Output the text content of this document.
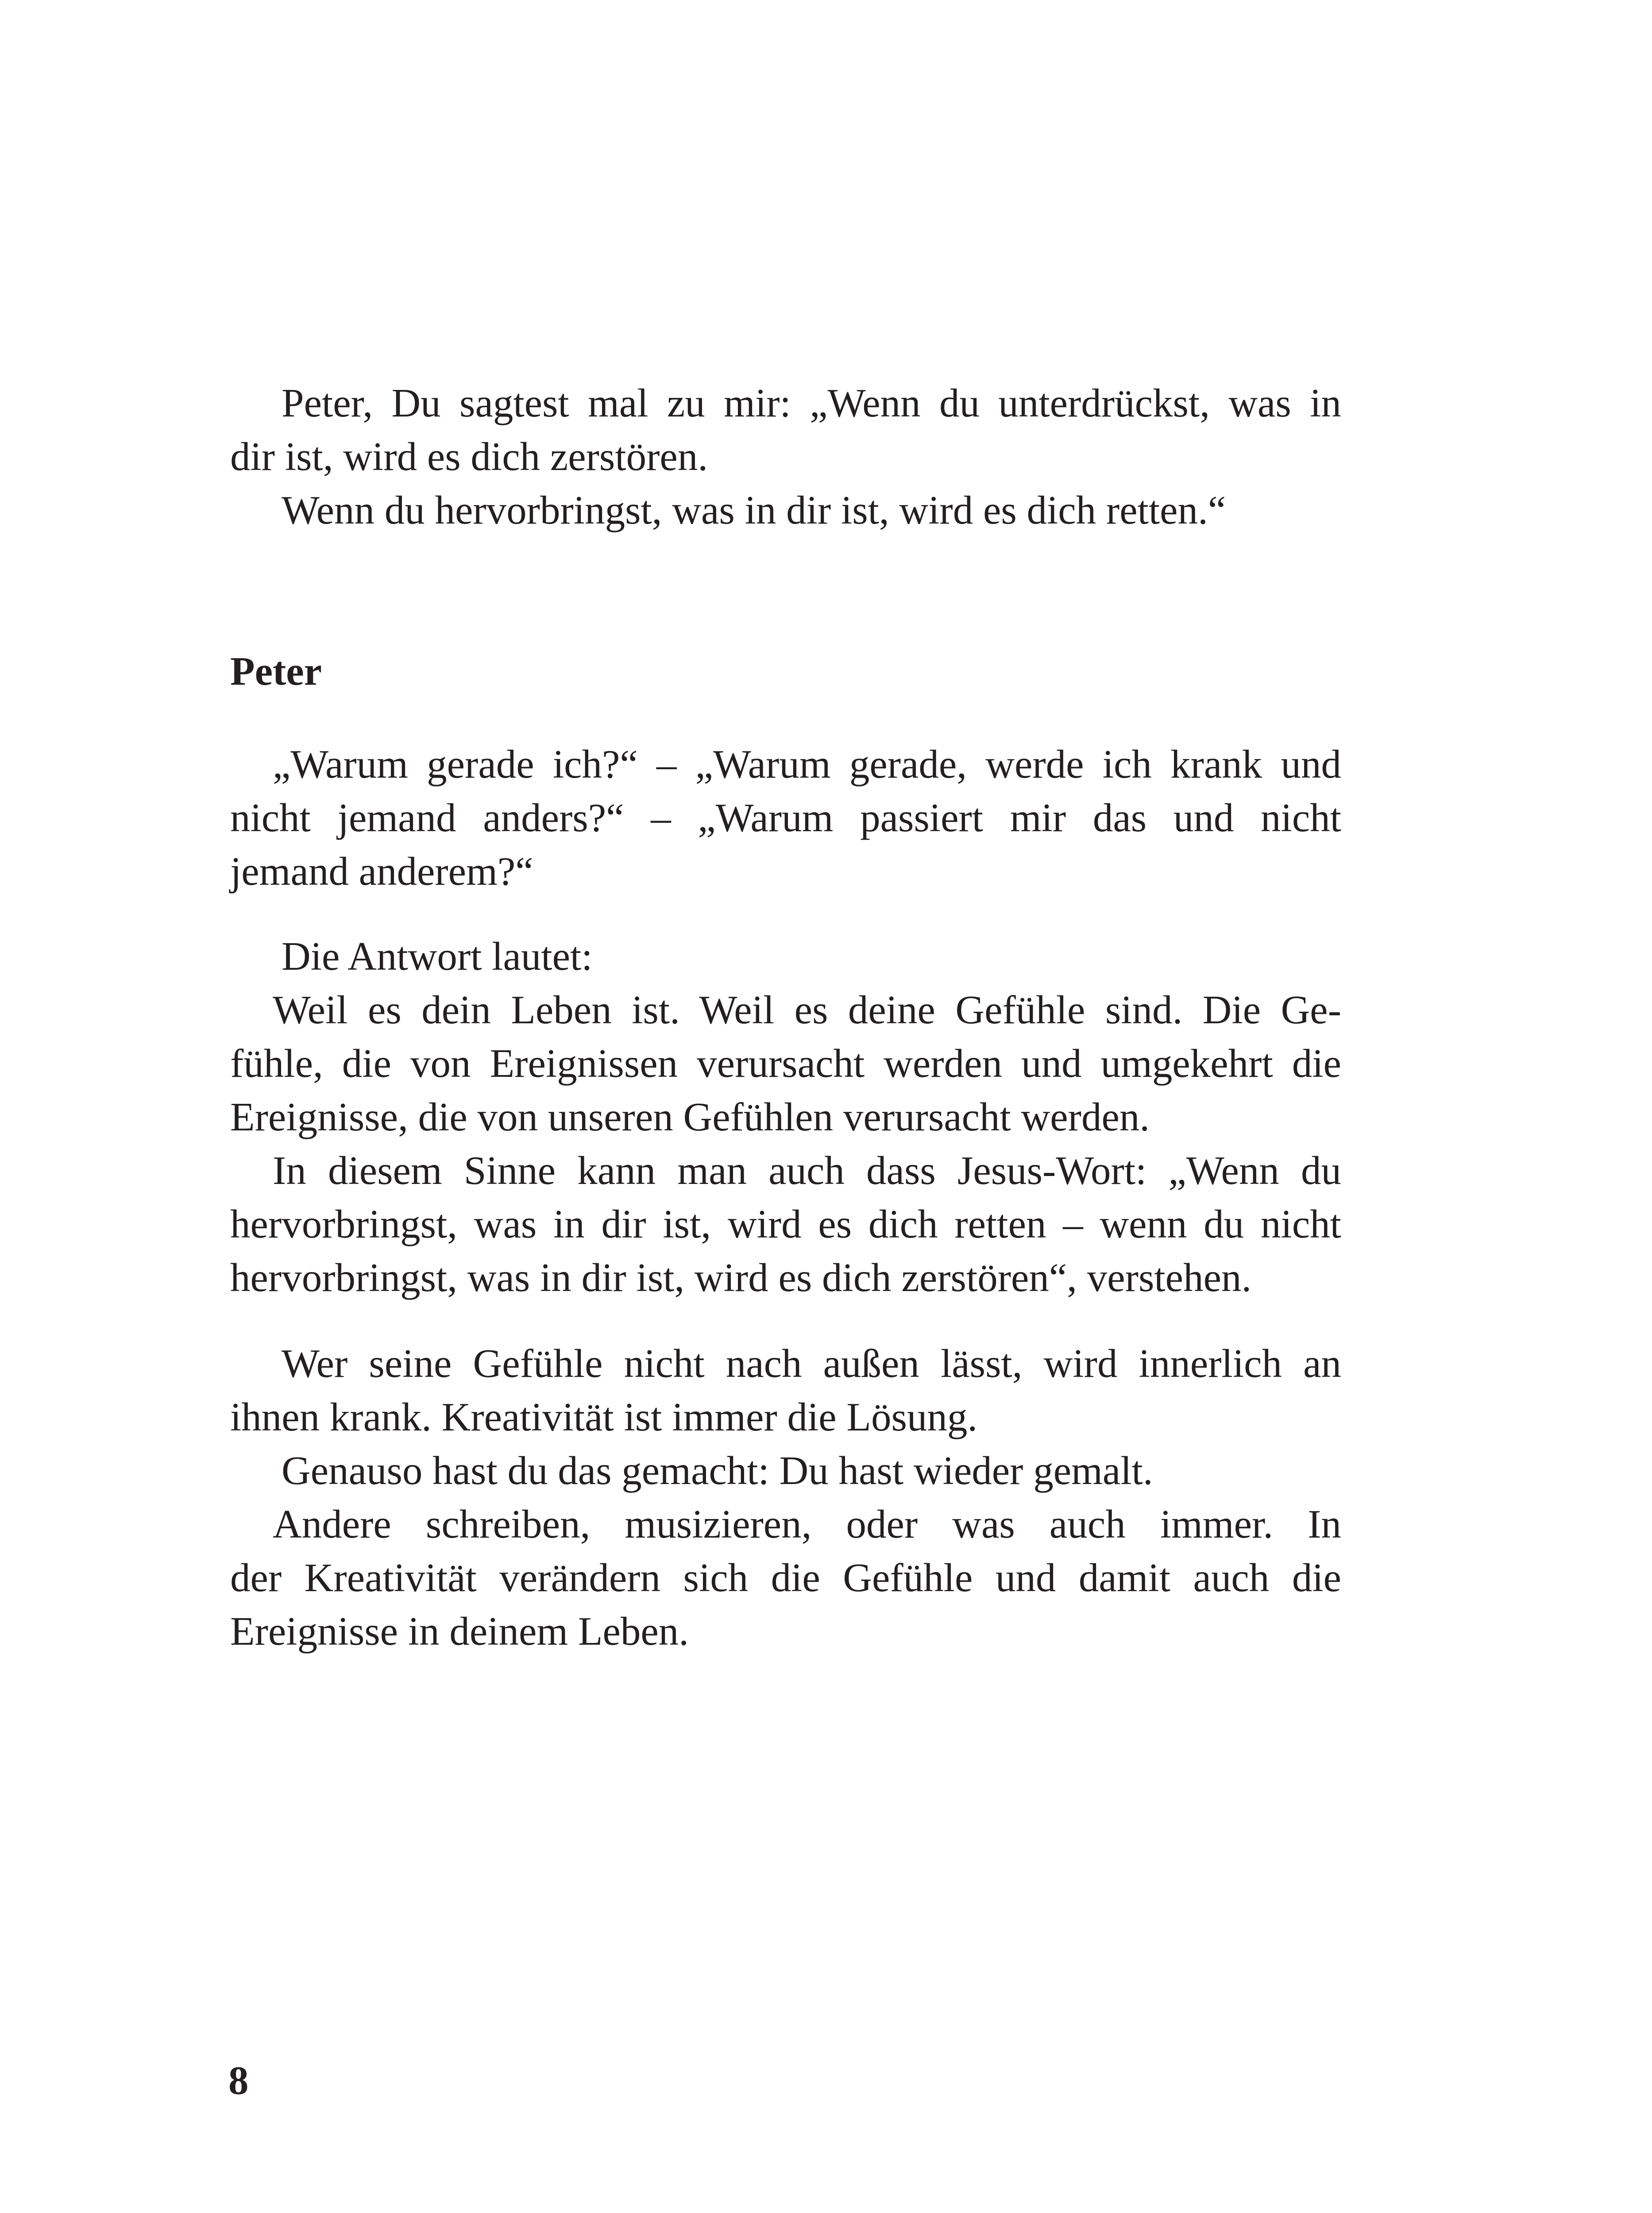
Peter, Du sagtest mal zu mir: „Wenn du unterdrückst, was in
dir ist, wird es dich zerstören.
Wenn du hervorbringst, was in dir ist, wird es dich retten.“
Peter
„Warum gerade ich?“ – „Warum gerade, werde ich krank und
nicht jemand anders?“ – „Warum passiert mir das und nicht
jemand anderem?“
Die Antwort lautet:
Weil es dein Leben ist. Weil es deine Gefühle sind. Die Ge-
fühle, die von Ereignissen verursacht werden und umgekehrt die
Ereignisse, die von unseren Gefühlen verursacht werden.
In diesem Sinne kann man auch dass Jesus-Wort: „Wenn du
hervorbringst, was in dir ist, wird es dich retten – wenn du nicht
hervorbringst, was in dir ist, wird es dich zerstören“, verstehen.
Wer seine Gefühle nicht nach außen lässt, wird innerlich an
ihnen krank. Kreativität ist immer die Lösung.
Genauso hast du das gemacht: Du hast wieder gemalt.
Andere schreiben, musizieren, oder was auch immer. In
der Kreativität verändern sich die Gefühle und damit auch die
Ereignisse in deinem Leben.
8
